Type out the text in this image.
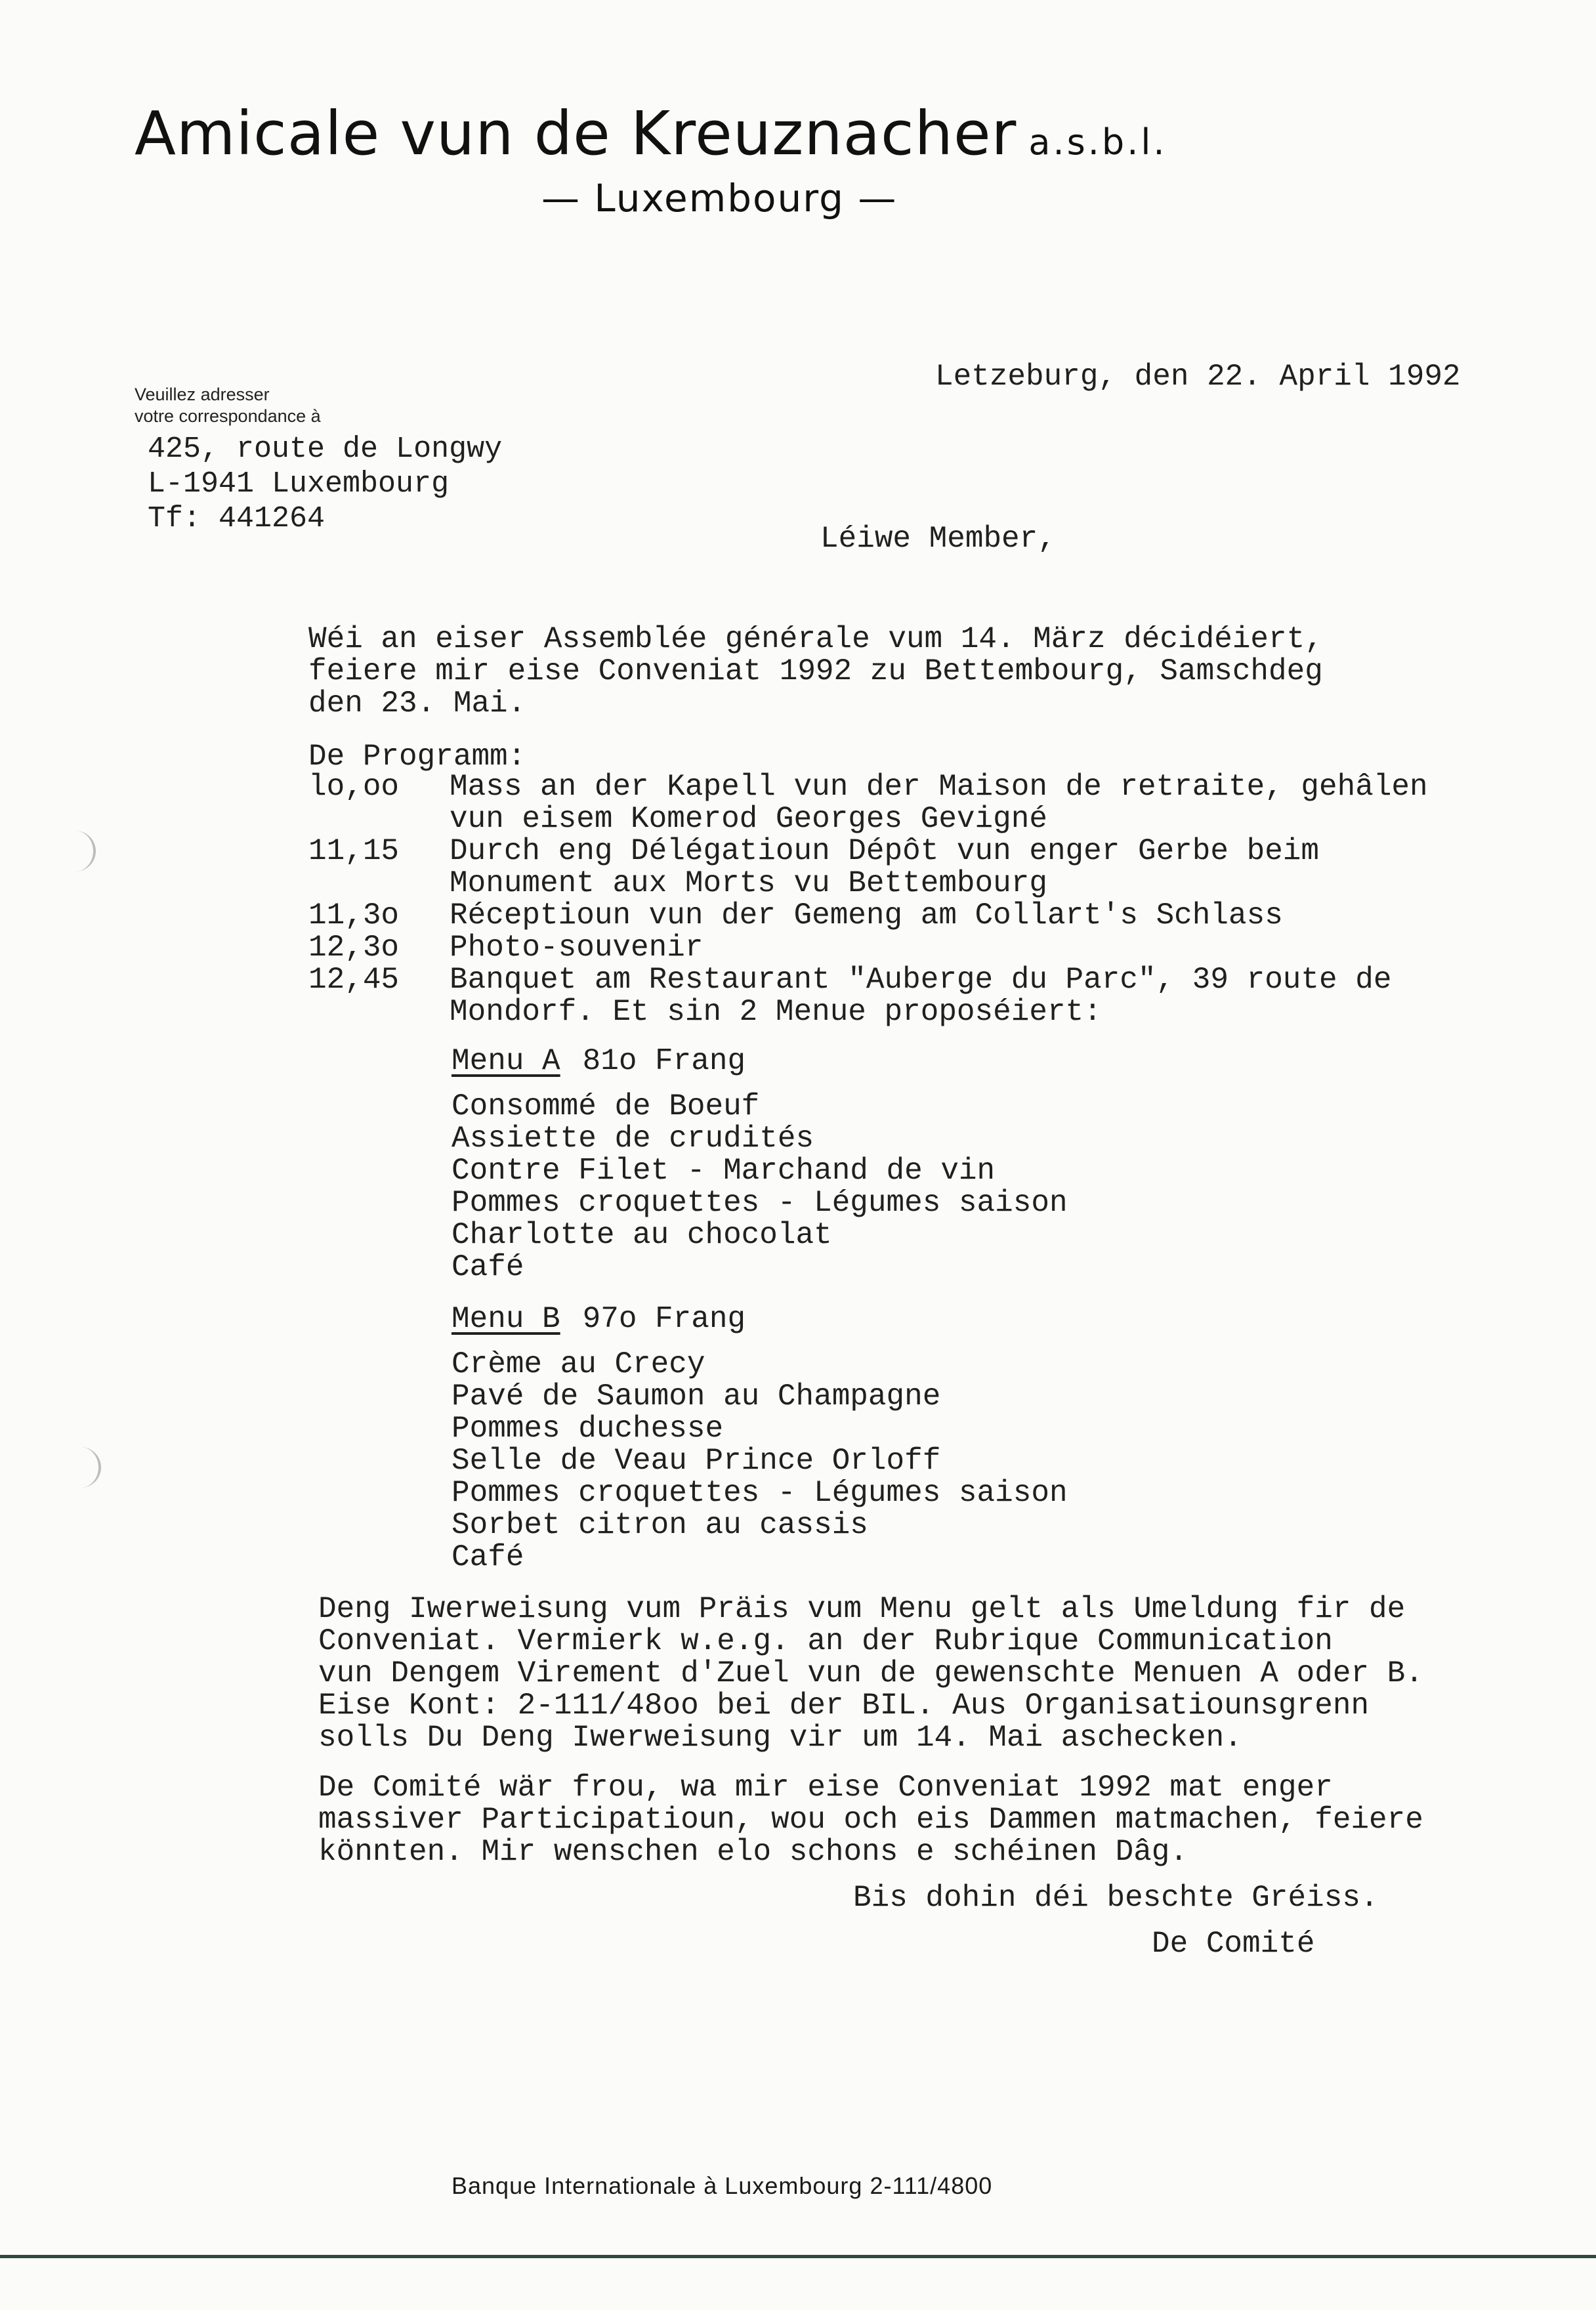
Amicale vun de Kreuznacher a.s.b.l.
— Luxembourg —
Veuillez adresser
votre correspondance à
425, route de Longwy
L-1941 Luxembourg
Tf: 441264
Letzeburg, den 22. April 1992
Léiwe Member,
Wéi an eiser Assemblée générale vum 14. März décidéiert,
feiere mir eise Conveniat 1992 zu Bettembourg, Samschdeg
den 23. Mai.
De Programm:
lo,oo	Mass an der Kapell vun der Maison de retraite, gehâlen
vun eisem Komerod Georges Gevigné
11,15	Durch eng Délégatioun Dépôt vun enger Gerbe beim
Monument aux Morts vu Bettembourg
11,3o	Réceptioun vun der Gemeng am Collart's Schlass
12,3o	Photo-souvenir
12,45	Banquet am Restaurant "Auberge du Parc", 39 route de
Mondorf. Et sin 2 Menue proposéiert:
Menu A 81o Frang
Consommé de Boeuf
Assiette de crudités
Contre Filet - Marchand de vin
Pommes croquettes - Légumes saison
Charlotte au chocolat
Café
Menu B 97o Frang
Crème au Crecy
Pavé de Saumon au Champagne
Pommes duchesse
Selle de Veau Prince Orloff
Pommes croquettes - Légumes saison
Sorbet citron au cassis
Café
Deng Iwerweisung vum Präis vum Menu gelt als Umeldung fir de
Conveniat. Vermierk w.e.g. an der Rubrique Communication
vun Dengem Virement d'Zuel vun de gewenschte Menuen A oder B.
Eise Kont: 2-111/48oo bei der BIL. Aus Organisatiounsgrenn
solls Du Deng Iwerweisung vir um 14. Mai aschecken.
De Comité wär frou, wa mir eise Conveniat 1992 mat enger
massiver Participatioun, wou och eis Dammen matmachen, feiere
könnten. Mir wenschen elo schons e schéinen Dâg.
Bis dohin déi beschte Gréiss.
De Comité
Banque Internationale à Luxembourg 2-111/4800
